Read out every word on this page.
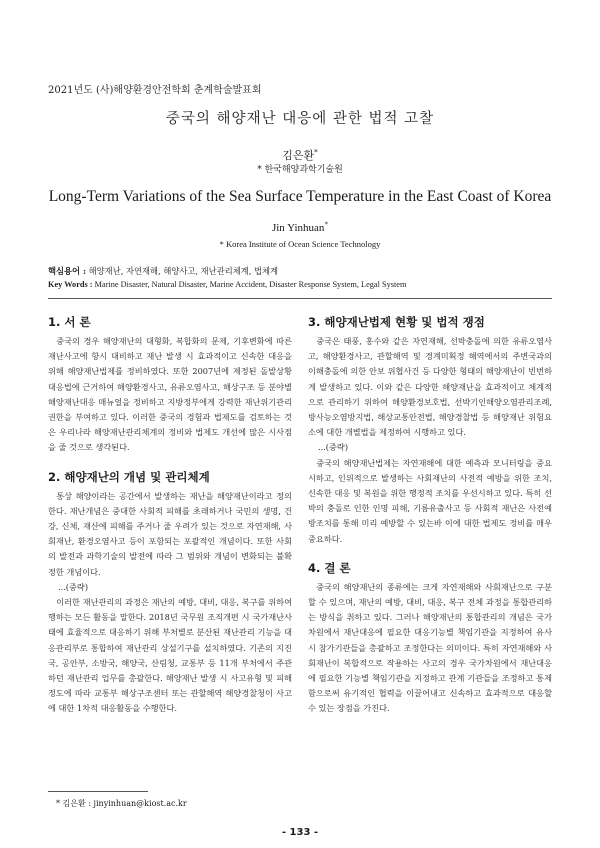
2021년도 (사)해양환경안전학회 춘계학술발표회
중국의 해양재난 대응에 관한 법적 고찰
김은환*
* 한국해양과학기술원
Long-Term Variations of the Sea Surface Temperature in the East Coast of Korea
Jin Yinhuan*
* Korea Institute of Ocean Science Technology
핵심용어 : 해양재난, 자연재해, 해양사고, 재난관리체계, 법체계
Key Words : Marine Disaster, Natural Disaster, Marine Accident, Disaster Response System, Legal System
1. 서 론

중국의 경우 해양재난의 대형화, 복합화의 문제, 기후변화에 따른 재난사고에 항시 대비하고 재난 발생 시 효과적이고 신속한 대응을 위해 해양재난법제를 정비하였다. 또한 2007년에 제정된 돌발상황대응법에 근거하여 해양환경사고, 유류오염사고, 해상구조 등 분야별 해양재난대응 매뉴얼을 정비하고 지방정부에게 강력한 재난위기관리 권한을 부여하고 있다. 이러한 중국의 경험과 법제도를 검토하는 것은 우리나라 해양재난관리체계의 정비와 법제도 개선에 많은 시사점을 줄 것으로 생각된다.

2. 해양재난의 개념 및 관리체계

통상 해양이라는 공간에서 발생하는 재난을 해양재난이라고 정의한다. 재난개념은 중대한 사회적 피해를 초래하거나 국민의 생명, 건강, 신체, 재산에 피해를 주거나 줄 우려가 있는 것으로 자연재해, 사회재난, 환경오염사고 등이 포함되는 포괄적인 개념이다. 또한 사회의 발전과 과학기술의 발전에 따라 그 범위와 개념이 변화되는 불확정한 개념이다.

...(중략)

이러한 재난관리의 과정은 재난의 예방, 대비, 대응, 복구를 위하여 행하는 모든 활동을 말한다. 2018년 국무원 조직개편 시 국가재난사태에 효율적으로 대응하기 위해 부처별로 분산된 재난관리 기능을 대응관리부로 통합하여 재난관리 상설기구를 설치하였다. 기존의 지진국, 공안부, 소방국, 해양국, 산림청, 교통부 등 11개 부처에서 주관하던 재난관리 업무를 총괄한다. 해양재난 발생 시 사고유형 및 피해정도에 따라 교통부 해상구조센터 또는 관할해역 해양경찰청이 사고에 대한 1차적 대응활동을 수행한다.

3. 해양재난법제 현황 및 법적 쟁점

중국은 태풍, 홍수와 같은 자연재해, 선박충돌에 의한 유류오염사고, 해양환경사고, 관할해역 및 경계미획정 해역에서의 주변국과의 이해충돌에 의한 안보 위협사건 등 다양한 형태의 해양재난이 빈번하게 발생하고 있다. 이와 같은 다양한 해양재난을 효과적이고 체계적으로 관리하기 위하여 해양환경보호법, 선박기인해양오염관리조례, 방사능오염방지법, 해상교통안전법, 해양경찰법 등 해양재난 위험요소에 대한 개별법을 제정하여 시행하고 있다.

...(중략)

중국의 해양재난법제는 자연재해에 대한 예측과 모니터링을 중요시하고, 인위적으로 발생하는 사회재난의 사전적 예방을 위한 조치, 신속한 대응 및 복원을 위한 행정적 조치를 우선시하고 있다. 특히 선박의 충돌로 인한 인명 피해, 기름유출사고 등 사회적 재난은 사전예방조치를 통해 미리 예방할 수 있는바 이에 대한 법제도 정비를 매우 중요하다.

4. 결 론

중국의 해양재난의 종류에는 크게 자연재해와 사회재난으로 구분할 수 있으며, 재난의 예방, 대비, 대응, 복구 전체 과정을 통합관리하는 방식을 취하고 있다. 그러나 해양재난의 통합관리의 개념은 국가차원에서 재난대응에 필요한 대응기능별 책임기관을 지정하여 유사시 참가기관들을 총괄하고 조정한다는 의미이다. 특히 자연재해와 사회재난이 복합적으로 작용하는 사고의 경우 국가차원에서 재난대응에 필요한 기능별 책임기관을 지정하고 관계 기관들을 조정하고 통제함으로써 유기적인 협력을 이끌어내고 신속하고 효과적으로 대응할 수 있는 장점을 가진다.

* 김은환 : jinyinhuan@kiost.ac.kr
- 133 -
